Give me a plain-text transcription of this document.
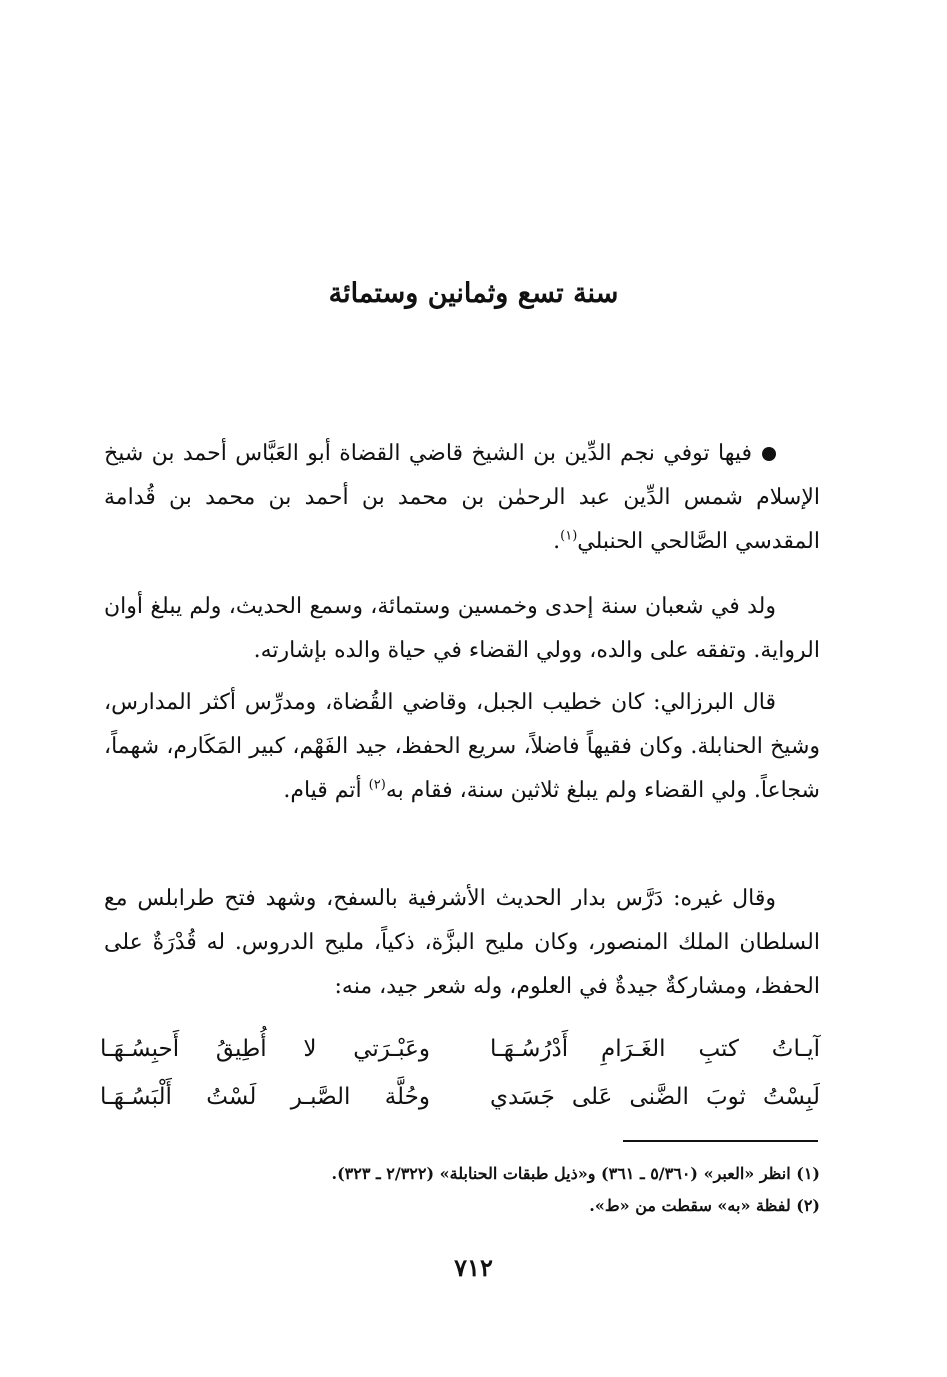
سنة تسع وثمانين وستمائة
فيها توفي نجم الدِّين بن الشيخ قاضي القضاة أبو العَبَّاس أحمد بن شيخ الإسلام شمس الدِّين عبد الرحمٰن بن محمد بن أحمد بن محمد بن قُدامة المقدسي الصَّالحي الحنبلي$^{(١)}$.
ولد في شعبان سنة إحدى وخمسين وستمائة، وسمع الحديث، ولم يبلغ أوان الرواية. وتفقه على والده، وولي القضاء في حياة والده بإشارته.
قال البرزالي: كان خطيب الجبل، وقاضي القُضاة، ومدرِّس أكثر المدارس، وشيخ الحنابلة. وكان فقيهاً فاضلاً، سريع الحفظ، جيد الفَهْم، كبير المَكَارم، شهماً، شجاعاً. ولي القضاء ولم يبلغ ثلاثين سنة، فقام به$^{(٢)}$ أتم قيام.
وقال غيره: دَرَّس بدار الحديث الأشرفية بالسفح، وشهد فتح طرابلس مع السلطان الملك المنصور، وكان مليح البزَّة، ذكياً، مليح الدروس. له قُدْرَةٌ على الحفظ، ومشاركةٌ جيدةٌ في العلوم، وله شعر جيد، منه:
آيـاتُ كتبِ الغَـرَامِ أَدْرُسُـهَـا
وعَبْـرَتي لا أُطِيقُ أَحبِسُـهَـا
لَبِسْتُ ثوبَ الضَّنى عَلى جَسَدي
وحُلَّة الصَّبـر لَسْتُ أَلْبَسُـهَـا
(١) انظر «العبر» (٥/٣٦٠ ـ ٣٦١) و«ذيل طبقات الحنابلة» (٢/٣٢٢ ـ ٣٢٣).
(٢) لفظة «به» سقطت من «ط».
٧١٢
